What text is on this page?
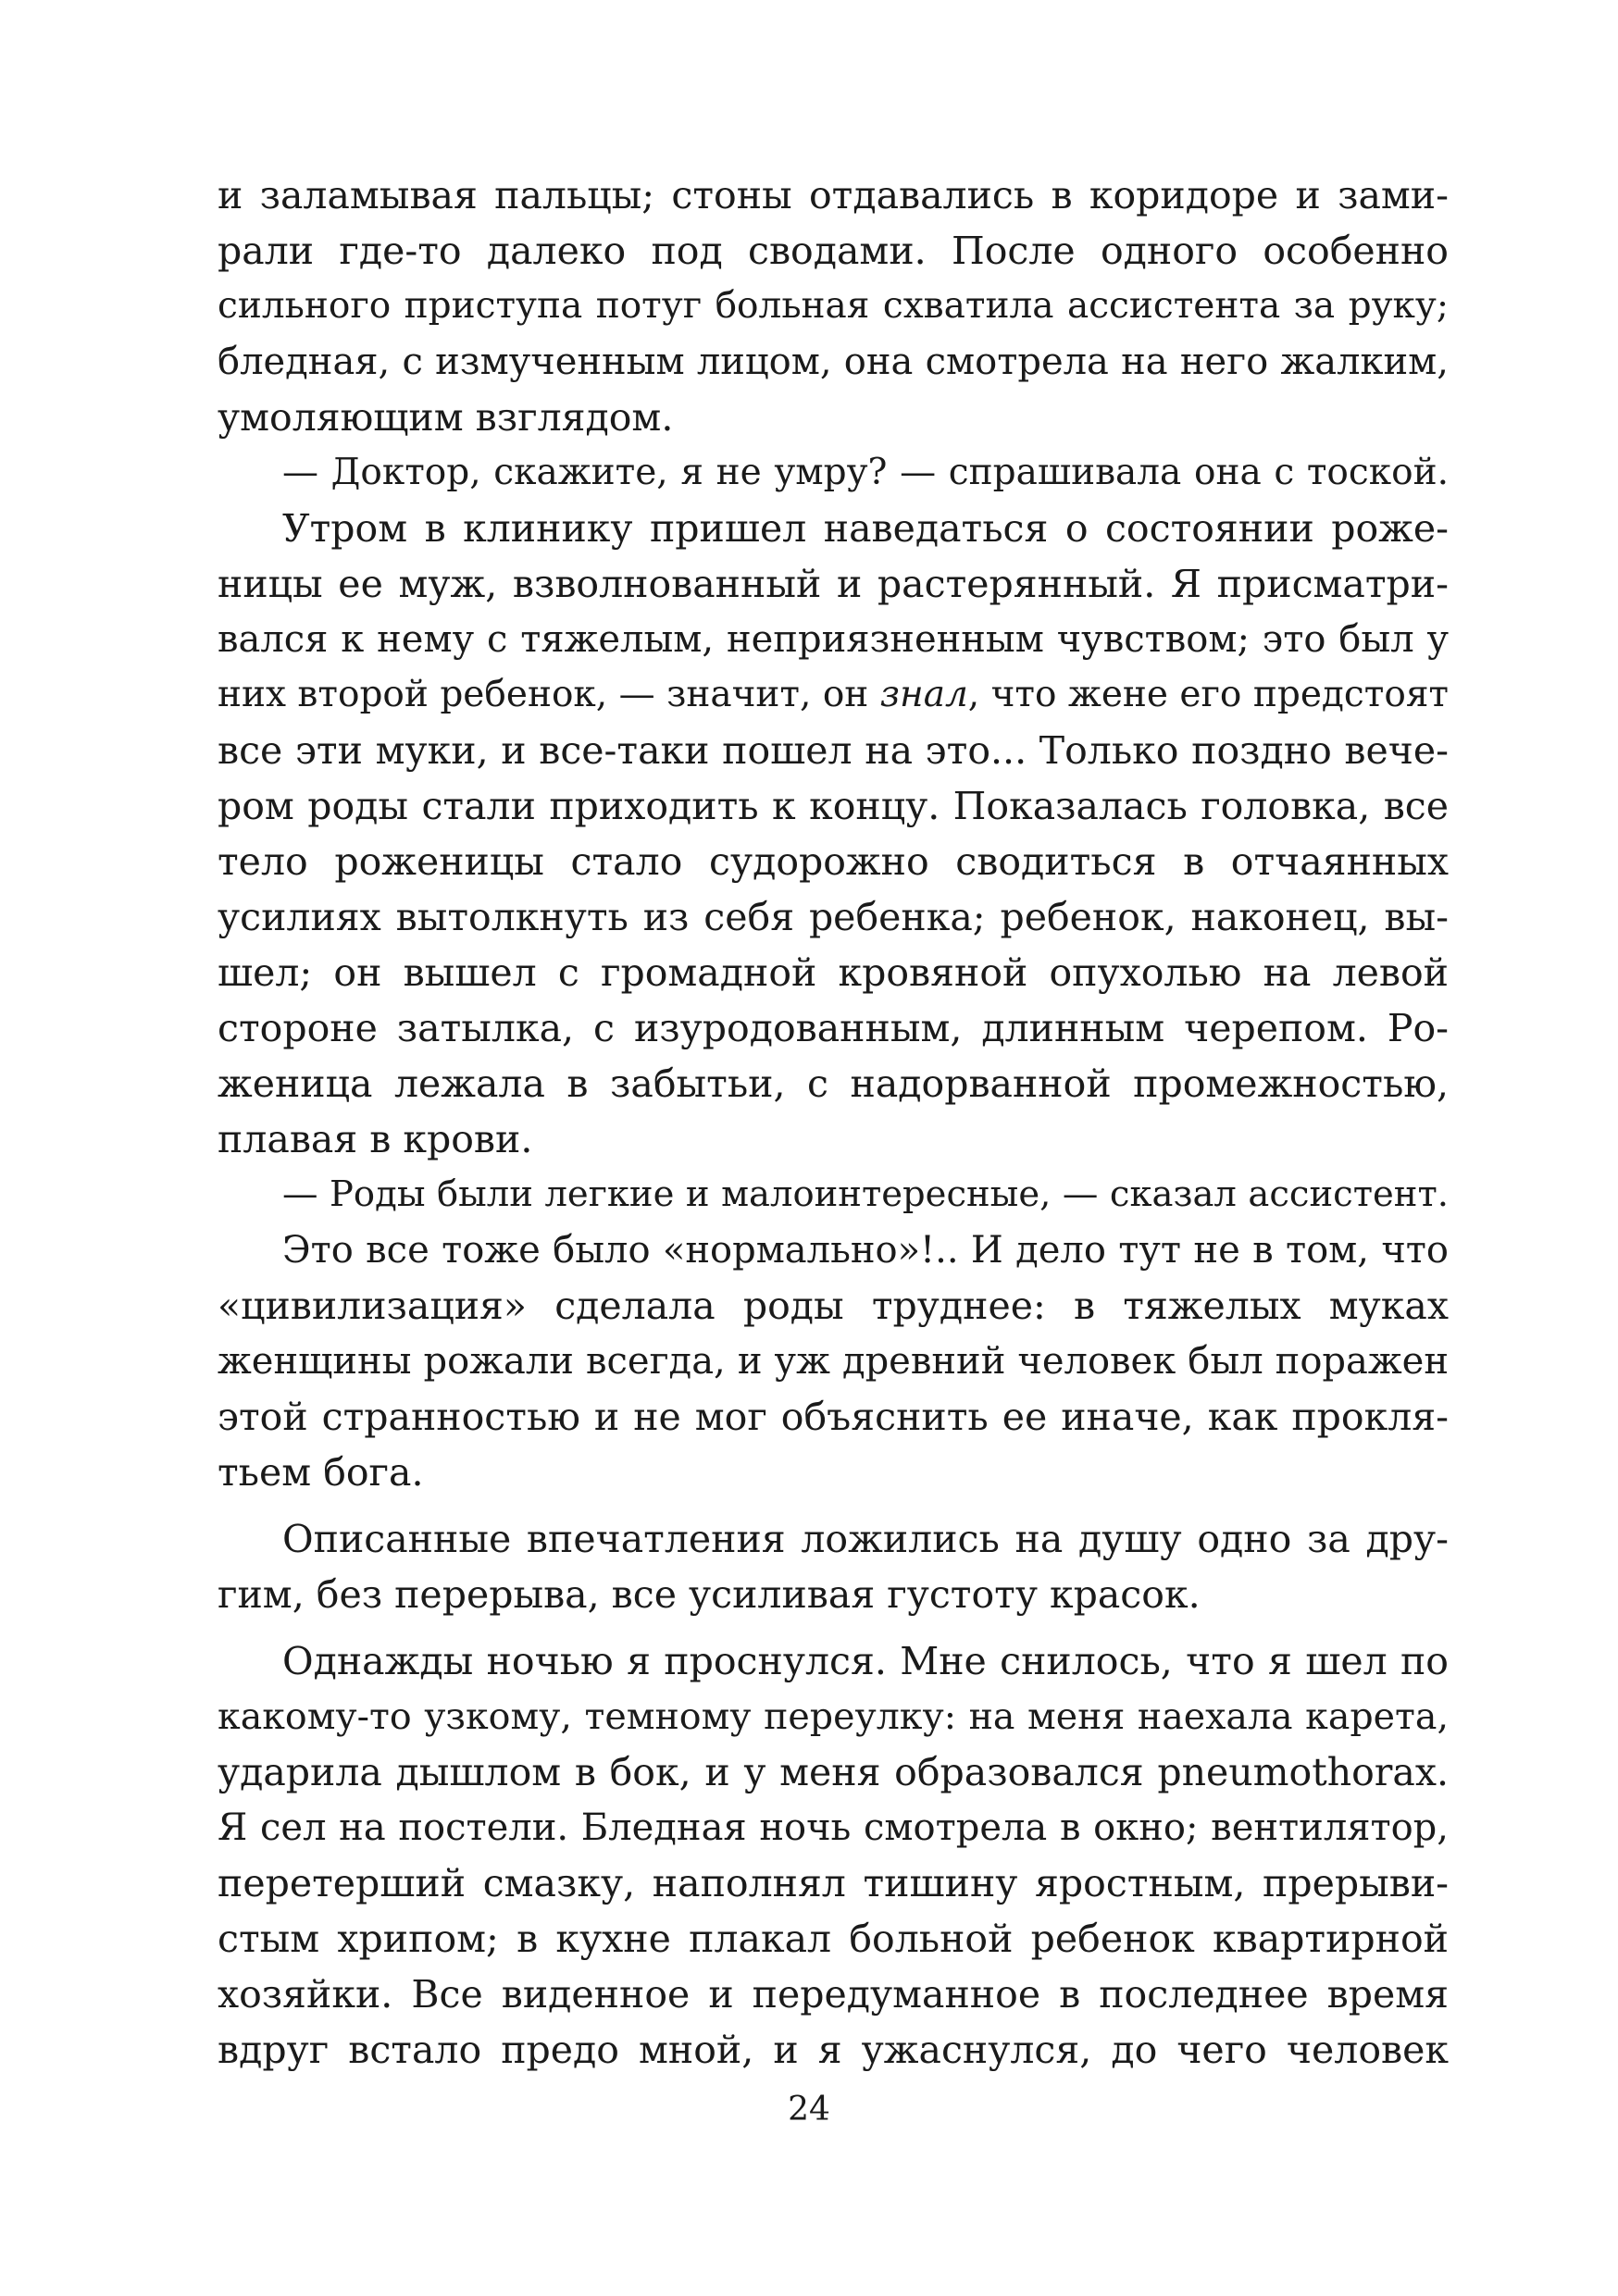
и заламывая пальцы; стоны отдавались в коридоре и зами-
рали где-то далеко под сводами. После одного особенно
сильного приступа потуг больная схватила ассистента за руку;
бледная, с измученным лицом, она смотрела на него жалким,
умоляющим взглядом.
— Доктор, скажите, я не умру? — спрашивала она с тоской.
Утром в клинику пришел наведаться о состоянии роже-
ницы ее муж, взволнованный и растерянный. Я присматри-
вался к нему с тяжелым, неприязненным чувством; это был у
них второй ребенок, — значит, он знал, что жене его предстоят
все эти муки, и все-таки пошел на это... Только поздно вече-
ром роды стали приходить к концу. Показалась головка, все
тело роженицы стало судорожно сводиться в отчаянных
усилиях вытолкнуть из себя ребенка; ребенок, наконец, вы-
шел; он вышел с громадной кровяной опухолью на левой
стороне затылка, с изуродованным, длинным черепом. Ро-
женица лежала в забытьи, с надорванной промежностью,
плавая в крови.
— Роды были легкие и малоинтересные, — сказал ассистент.
Это все тоже было «нормально»!.. И дело тут не в том, что
«цивилизация» сделала роды труднее: в тяжелых муках
женщины рожали всегда, и уж древний человек был поражен
этой странностью и не мог объяснить ее иначе, как прокля-
тьем бога.
Описанные впечатления ложились на душу одно за дру-
гим, без перерыва, все усиливая густоту красок.
Однажды ночью я проснулся. Мне снилось, что я шел по
какому-то узкому, темному переулку: на меня наехала карета,
ударила дышлом в бок, и у меня образовался pneumothorax.
Я сел на постели. Бледная ночь смотрела в окно; вентилятор,
перетерший смазку, наполнял тишину яростным, прерыви-
стым хрипом; в кухне плакал больной ребенок квартирной
хозяйки. Все виденное и передуманное в последнее время
вдруг встало предо мной, и я ужаснулся, до чего человек
24
